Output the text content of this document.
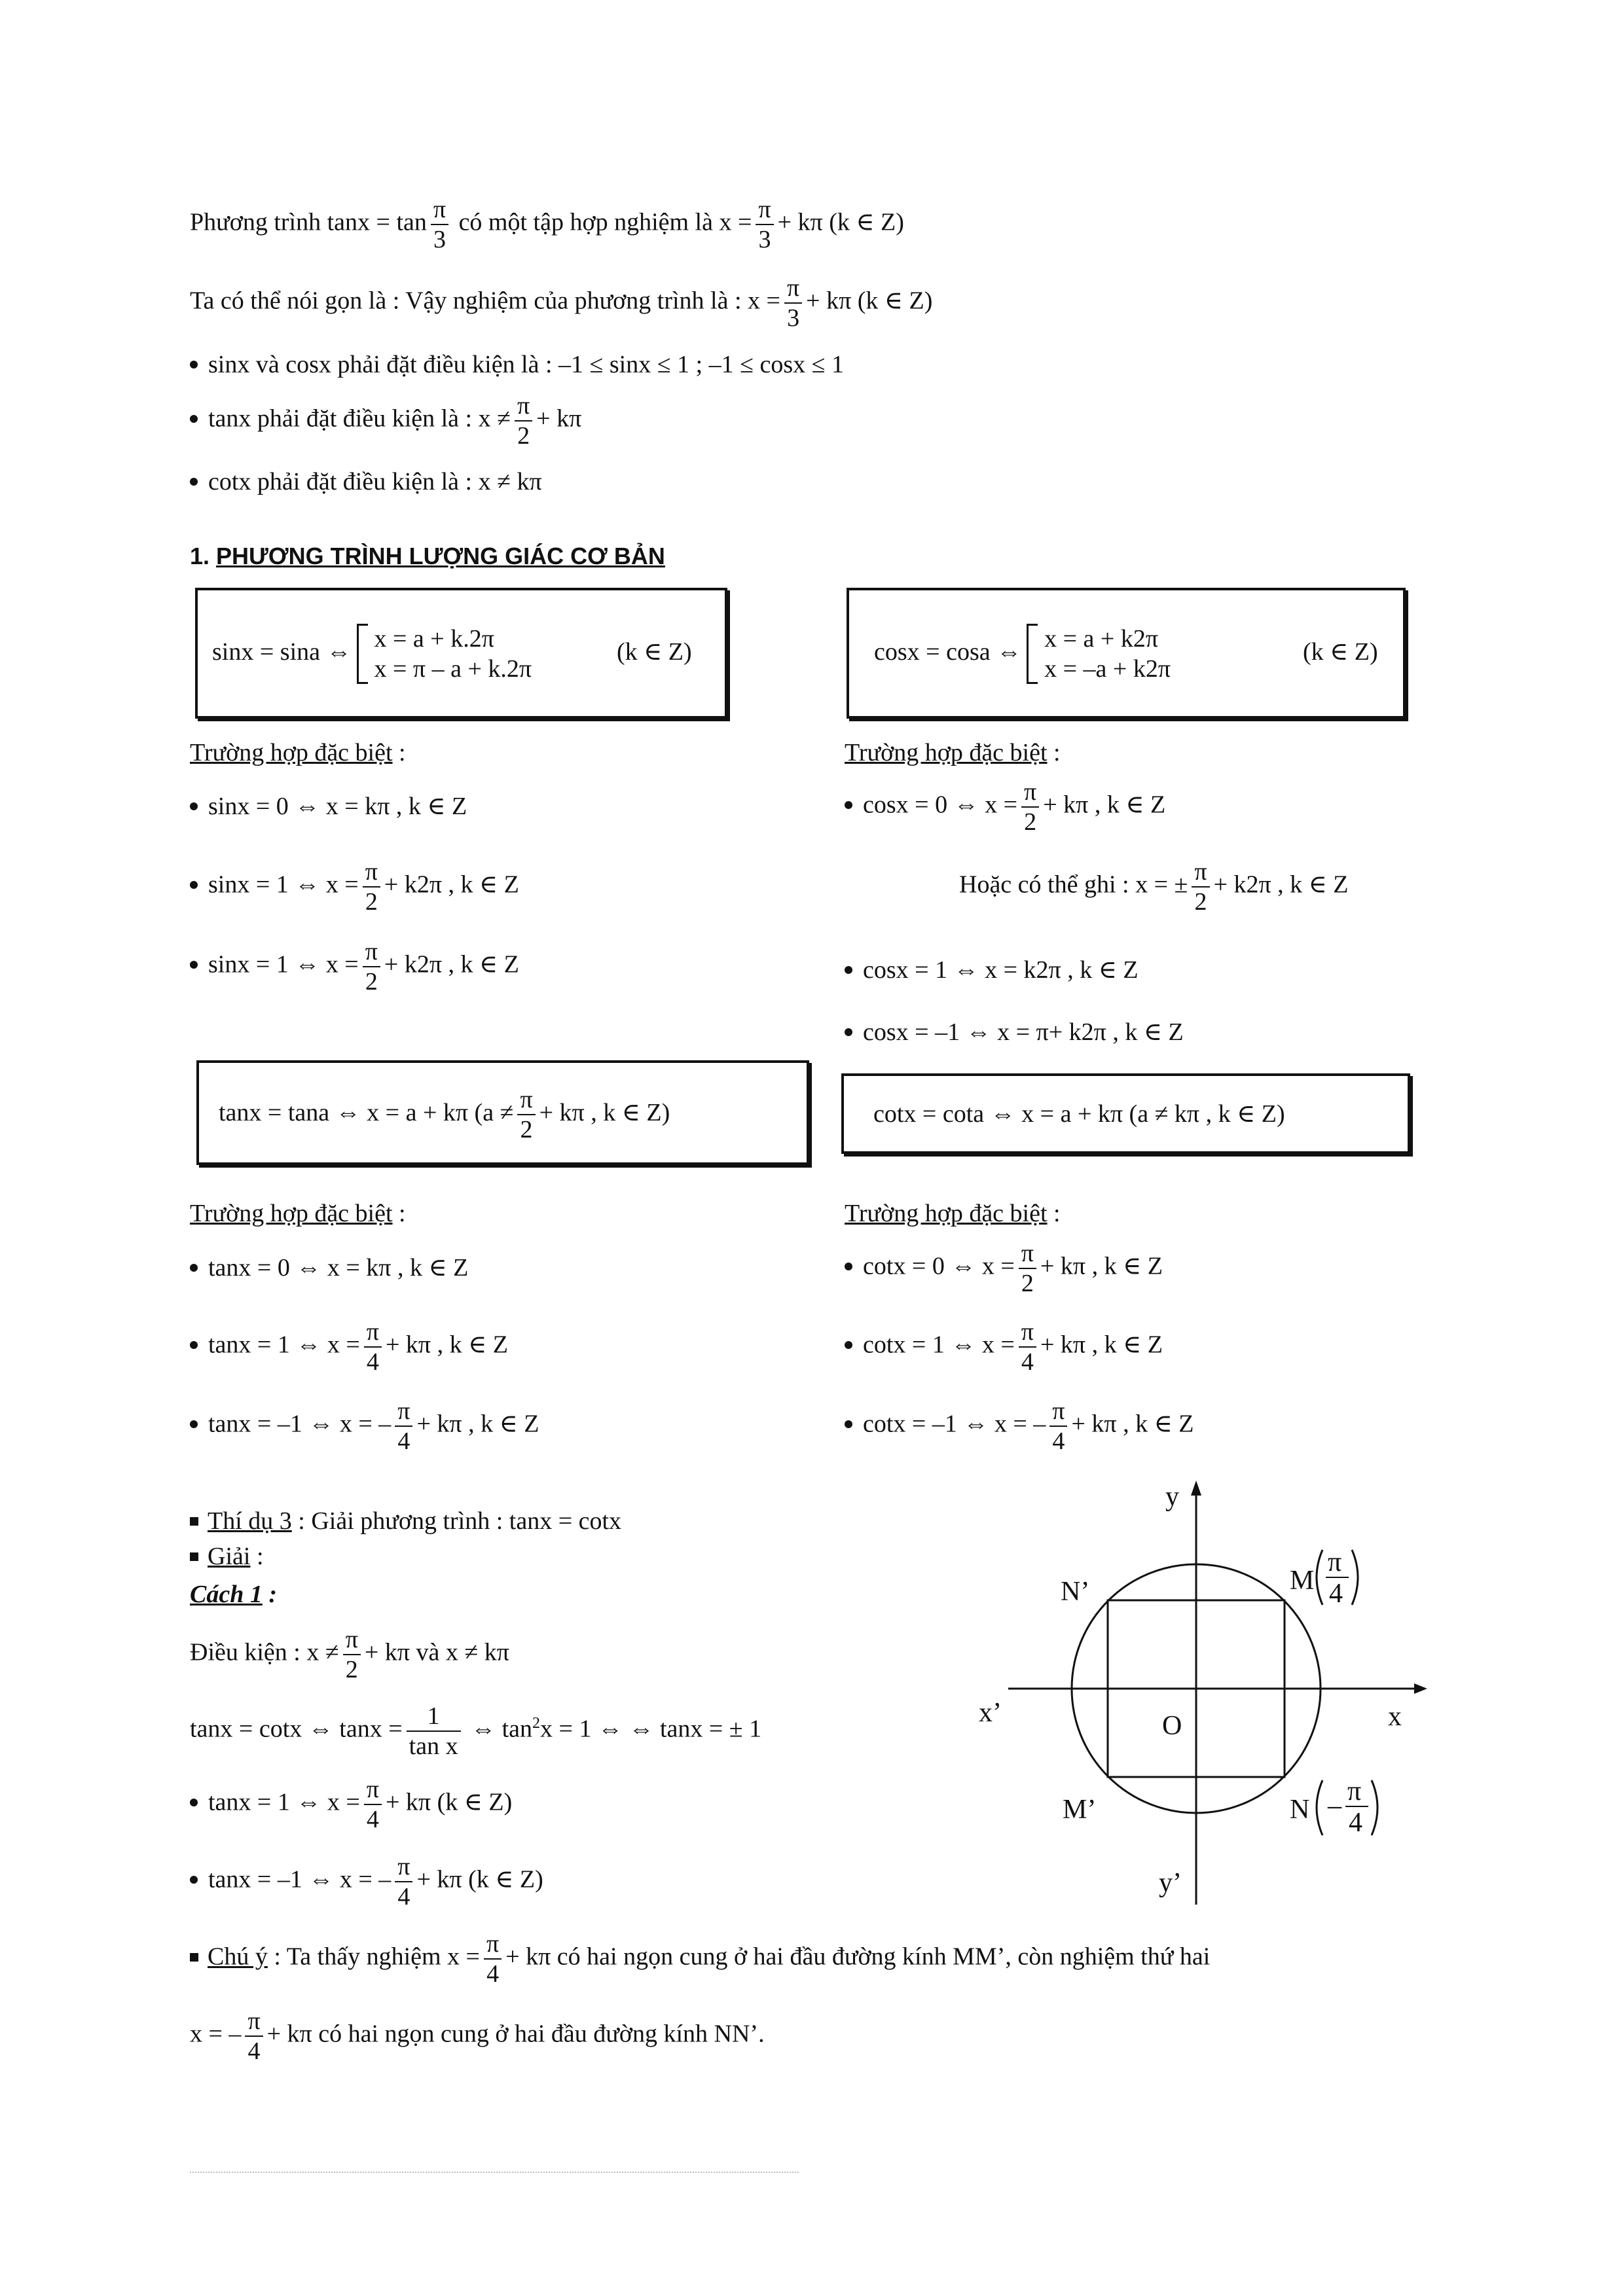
Phương trình $\tan x = \tan \frac{\pi}{3}$ có một tập hợp nghiệm là $x = \frac{\pi}{3} + k\pi$ (k ∈ Z)
Ta có thể nói gọn là : Vậy nghiệm của phương trình là : $x = \frac{\pi}{3} + k\pi$ (k ∈ Z)
sinx và cosx phải đặt điều kiện là : –1 ≤ sinx ≤ 1 ; –1 ≤ cosx ≤ 1
tanx phải đặt điều kiện là : $x \ne \frac{\pi}{2} + k\pi$
cotx phải đặt điều kiện là : x ≠ kπ
1. PHƯƠNG TRÌNH LƯỢNG GIÁC CƠ BẢN
sinx = sina ⇔ x = a + k.2π
x = π – a + k.2π
(k ∈ Z)	cosx = cosa ⇔ x = a + k2π
x = –a + k2π
(k ∈ Z)
Trường hợp đặc biệt :
sinx = 0 ⇔ x = kπ , k ∈ Z
sinx = 1 ⇔ $x = \frac{\pi}{2} + k2\pi$ , k ∈ Z
sinx = 1 ⇔ $x = \frac{\pi}{2} + k2\pi$ , k ∈ Z
Trường hợp đặc biệt :
cosx = 0 ⇔ $x = \frac{\pi}{2} + k\pi$ , k ∈ Z
Hoặc có thể ghi : x = ± $\frac{\pi}{2} + k2\pi$ , k ∈ Z
cosx = 1 ⇔ x = k2π , k ∈ Z
cosx = –1 ⇔ x = π+ k2π , k ∈ Z
tanx = tana ⇔ x = a + kπ ($a \ne \frac{\pi}{2} + k\pi$ , k ∈ Z)	cotx = cota ⇔ x = a + kπ (a ≠ kπ , k ∈ Z)
Trường hợp đặc biệt :
tanx = 0 ⇔ x = kπ , k ∈ Z
tanx = 1 ⇔ $x = \frac{\pi}{4} + k\pi$ , k ∈ Z
tanx = –1 ⇔ x = – $\frac{\pi}{4} + k\pi$ , k ∈ Z
Trường hợp đặc biệt :
cotx = 0 ⇔ $x = \frac{\pi}{2} + k\pi$ , k ∈ Z
cotx = 1 ⇔ $x = \frac{\pi}{4} + k\pi$ , k ∈ Z
cotx = –1 ⇔ x = – $\frac{\pi}{4} + k\pi$ , k ∈ Z
Thí dụ 3 : Giải phương trình : tanx = cotx
Giải :
Cách 1 :
Điều kiện : $x \ne \frac{\pi}{2} + k\pi$ và x ≠ kπ
tanx = cotx ⇔ $\tan x = \frac{1}{\text{tan x}}$ ⇔ $\tan^2x = 1$ ⇔ ⇔ tanx = ± 1
tanx = 1 ⇔ $x = \frac{\pi}{4} + k\pi$ (k ∈ Z)
tanx = –1 ⇔ x = – $\frac{\pi}{4} + k\pi$ (k ∈ Z)
Chú ý : Ta thấy nghiệm $x = \frac{\pi}{4} + k\pi$ có hai ngọn cung ở hai đầu đường kính MM’, còn nghiệm thứ hai
x = – $\frac{\pi}{4} + k\pi$ có hai ngọn cung ở hai đầu đường kính NN’.
y
y’
x
x’	O
N’
M’
M
π
4
N – π
4
